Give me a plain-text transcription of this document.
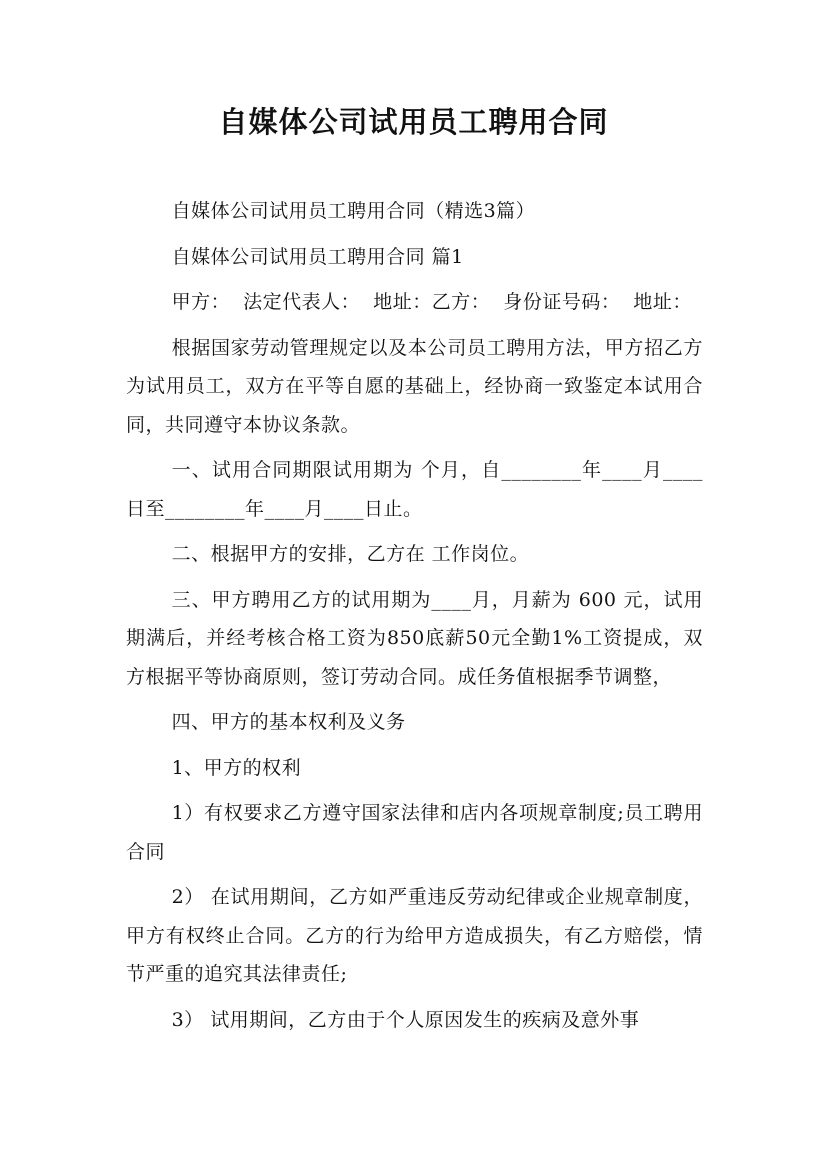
自媒体公司试用员工聘用合同

自媒体公司试用员工聘用合同（精选3篇）

自媒体公司试用员工聘用合同 篇1

甲方：  法定代表人：  地址：乙方：  身份证号码：  地址：

根据国家劳动管理规定以及本公司员工聘用方法，甲方招乙方为试用员工，双方在平等自愿的基础上，经协商一致鉴定本试用合同，共同遵守本协议条款。

一、试用合同期限试用期为 个月，自________年____月____日至________年____月____日止。

二、根据甲方的安排，乙方在 工作岗位。

三、甲方聘用乙方的试用期为____月，月薪为 600 元，试用期满后，并经考核合格工资为850底薪50元全勤1%工资提成，双方根据平等协商原则，签订劳动合同。成任务值根据季节调整，

四、甲方的基本权利及义务

1、甲方的权利

1）有权要求乙方遵守国家法律和店内各项规章制度;员工聘用合同

2） 在试用期间，乙方如严重违反劳动纪律或企业规章制度，甲方有权终止合同。乙方的行为给甲方造成损失，有乙方赔偿，情节严重的追究其法律责任;

3） 试用期间，乙方由于个人原因发生的疾病及意外事
